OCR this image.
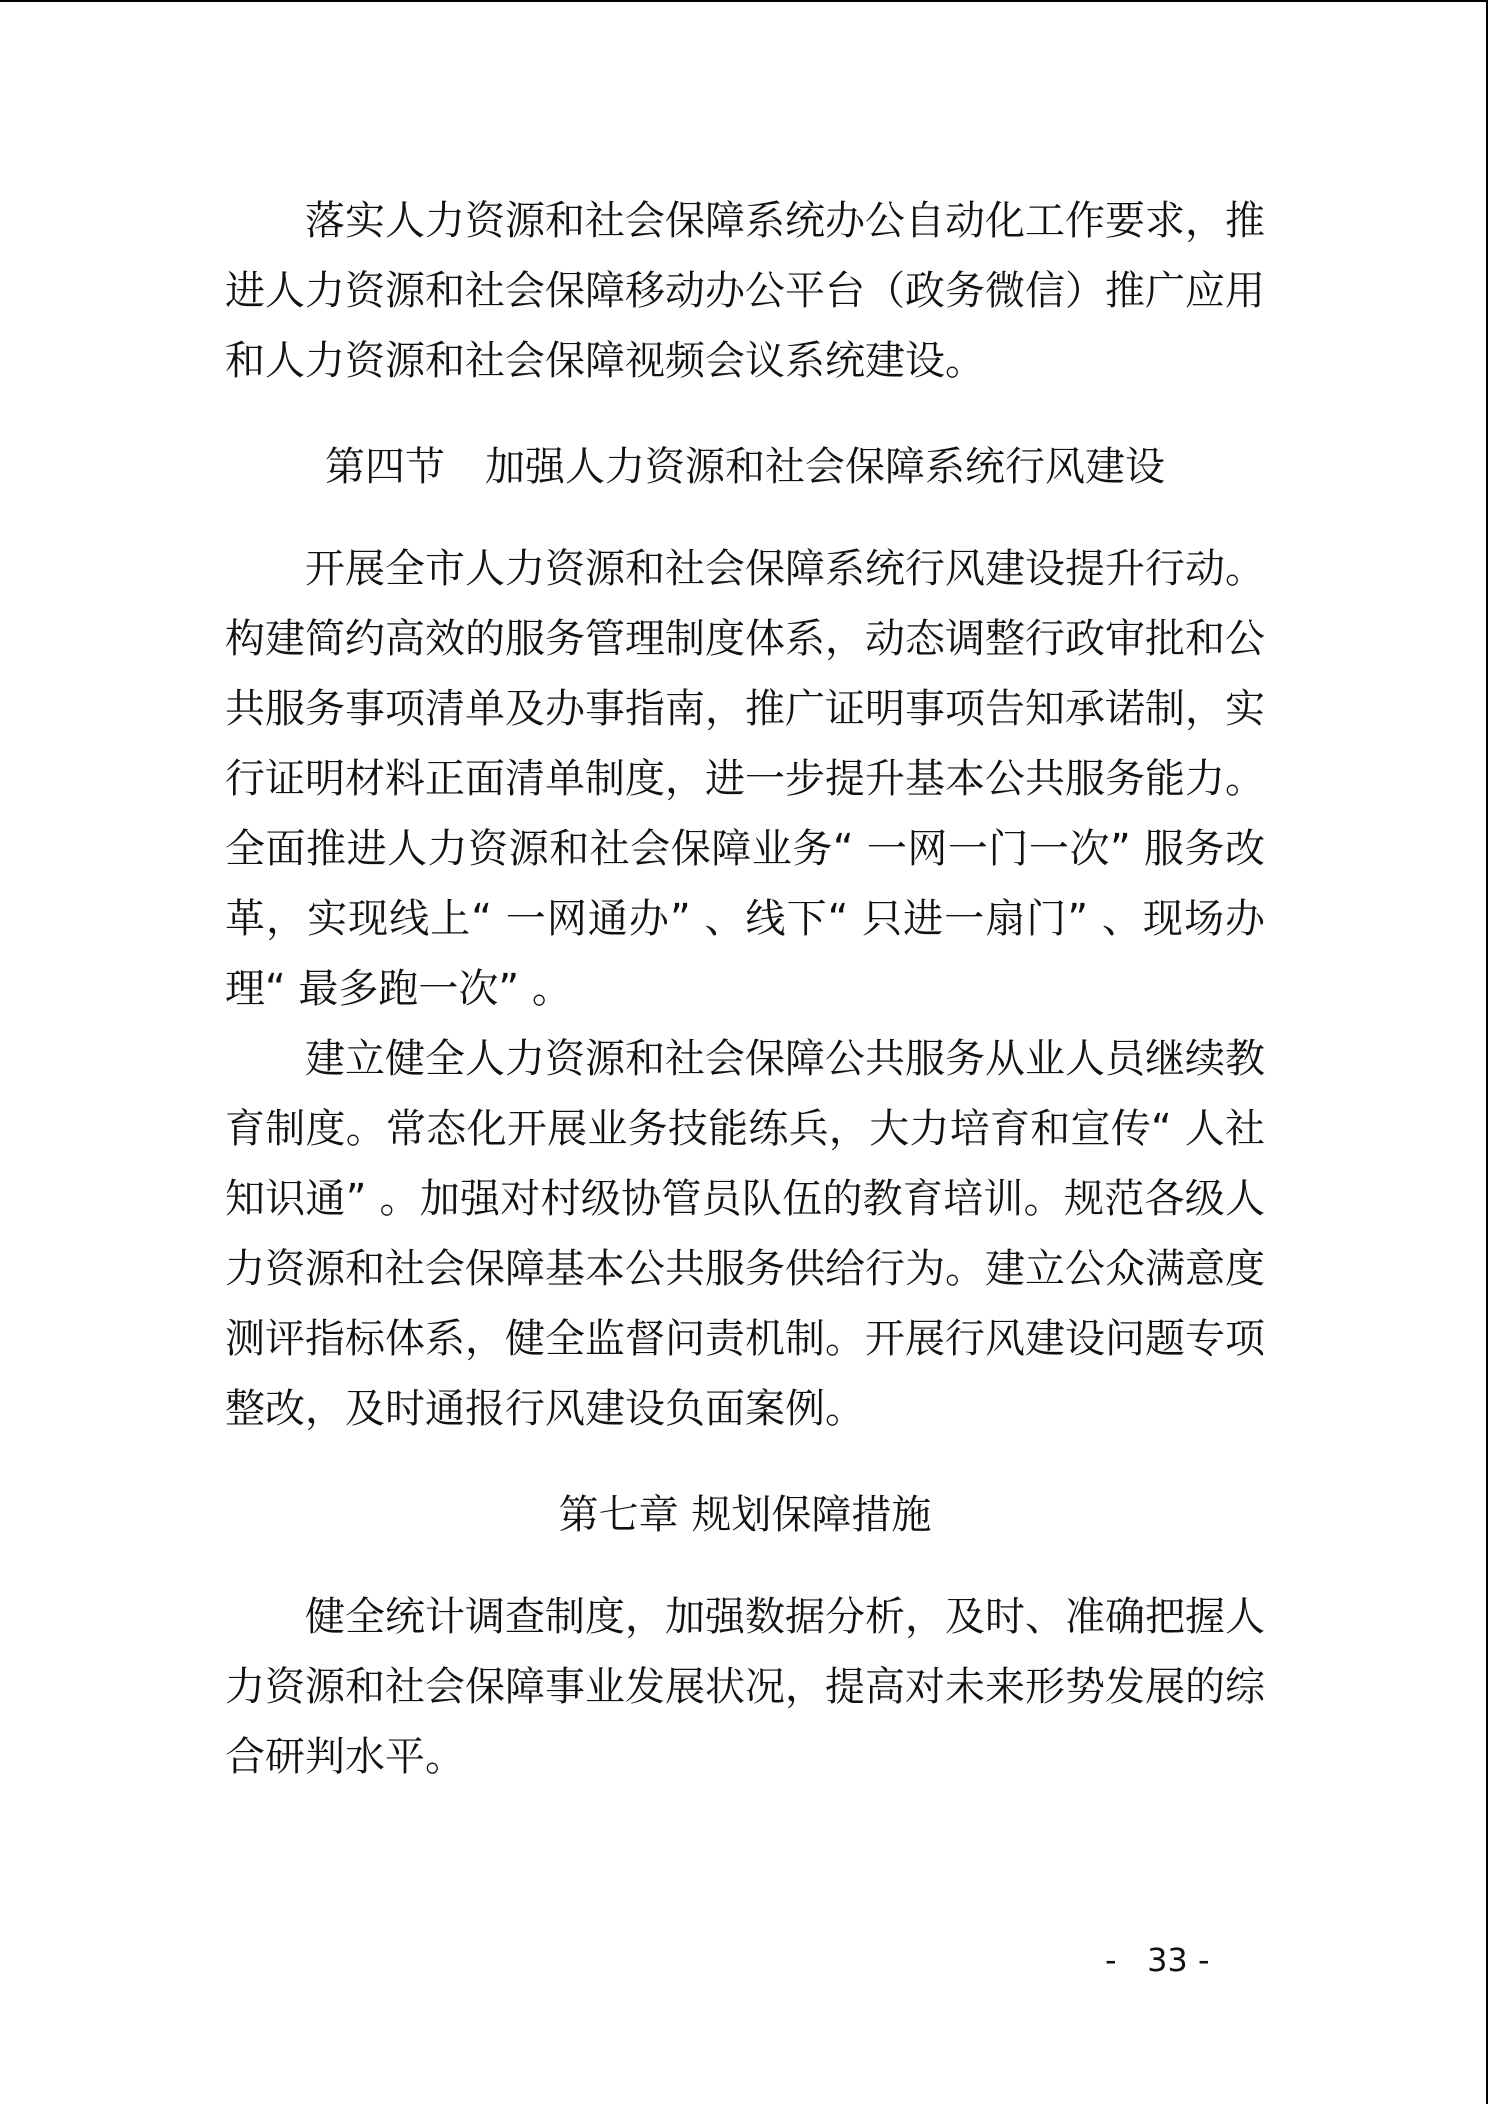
落实人力资源和社会保障系统办公自动化工作要求，推进人力资源和社会保障移动办公平台（政务微信）推广应用和人力资源和社会保障视频会议系统建设。

第四节　加强人力资源和社会保障系统行风建设

开展全市人力资源和社会保障系统行风建设提升行动。构建简约高效的服务管理制度体系，动态调整行政审批和公共服务事项清单及办事指南，推广证明事项告知承诺制，实行证明材料正面清单制度，进一步提升基本公共服务能力。全面推进人力资源和社会保障业务“ 一网一门一次” 服务改革，实现线上“ 一网通办” 、线下“ 只进一扇门” 、现场办理“ 最多跑一次” 。

建立健全人力资源和社会保障公共服务从业人员继续教育制度。常态化开展业务技能练兵，大力培育和宣传“ 人社知识通” 。加强对村级协管员队伍的教育培训。规范各级人力资源和社会保障基本公共服务供给行为。建立公众满意度测评指标体系，健全监督问责机制。开展行风建设问题专项整改，及时通报行风建设负面案例。

第七章 规划保障措施

健全统计调查制度，加强数据分析，及时、准确把握人力资源和社会保障事业发展状况，提高对未来形势发展的综合研判水平。

-   33 -
